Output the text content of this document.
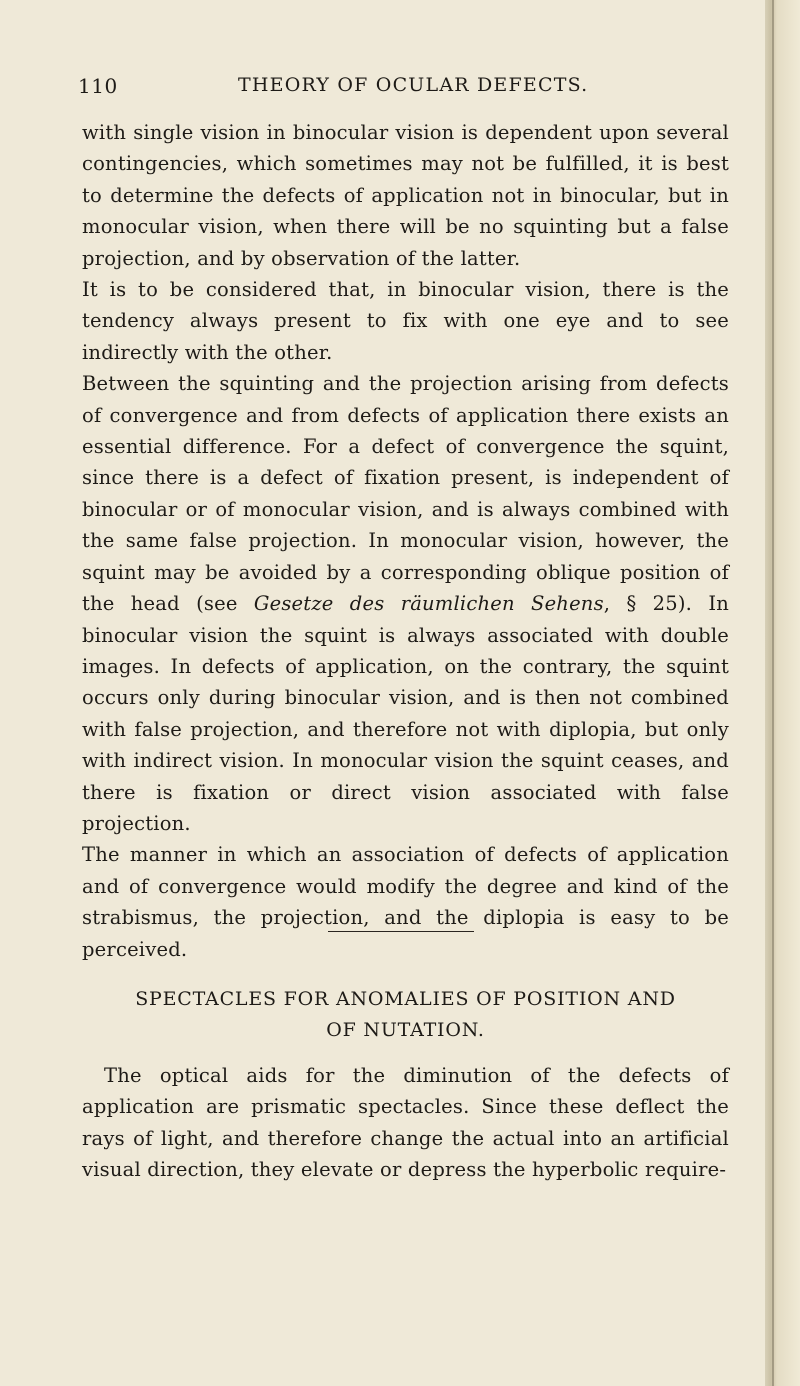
110	THEORY OF OCULAR DEFECTS.

with single vision in binocular vision is dependent upon several contingencies, which sometimes may not be fulfilled, it is best to determine the defects of application not in binocular, but in monocular vision, when there will be no squinting but a false projection, and by observation of the latter.

It is to be considered that, in binocular vision, there is the tendency always present to fix with one eye and to see indirectly with the other.

Between the squinting and the projection arising from defects of convergence and from defects of application there exists an essential difference. For a defect of convergence the squint, since there is a defect of fixation present, is independent of binocular or of monocular vision, and is always combined with the same false projection. In monocular vision, however, the squint may be avoided by a corresponding oblique position of the head (see Gesetze des räumlichen Sehens, § 25). In binocular vision the squint is always associated with double images. In defects of application, on the contrary, the squint occurs only during binocular vision, and is then not combined with false projection, and therefore not with diplopia, but only with indirect vision. In monocular vision the squint ceases, and there is fixation or direct vision associated with false projection.

The manner in which an association of defects of application and of convergence would modify the degree and kind of the strabismus, the projection, and the diplopia is easy to be perceived.

SPECTACLES FOR ANOMALIES OF POSITION AND
OF NUTATION.

The optical aids for the diminution of the defects of application are prismatic spectacles. Since these deflect the rays of light, and therefore change the actual into an artificial visual direction, they elevate or depress the hyperbolic require-
